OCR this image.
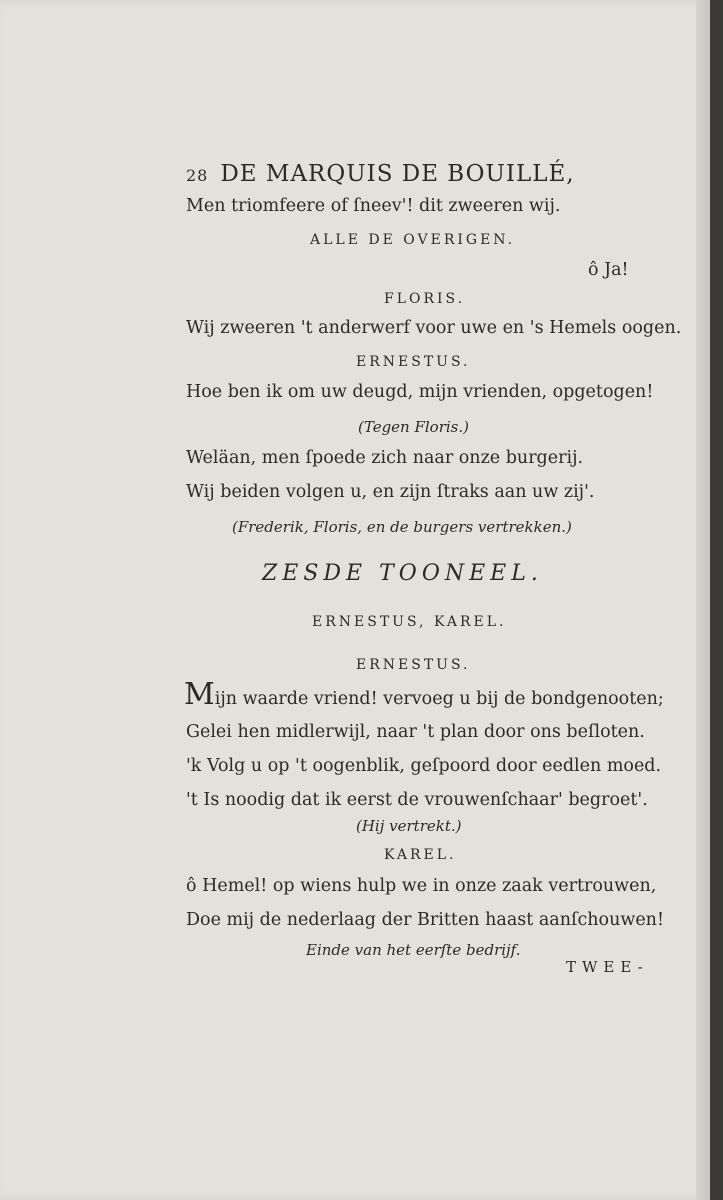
28 DE MARQUIS DE BOUILLÉ,
Men triomfeere of ſneev'! dit zweeren wij.
ALLE DE OVERIGEN.
ô Ja!
FLORIS.
Wij zweeren 't anderwerf voor uwe en 's Hemels oogen.
ERNESTUS.
Hoe ben ik om uw deugd, mijn vrienden, opgetogen!
(Tegen Floris.)
Weläan, men ſpoede zich naar onze burgerij.
Wij beiden volgen u, en zijn ſtraks aan uw zij'.
(Frederik, Floris, en de burgers vertrekken.)
ZESDE TOONEEL.
ERNESTUS, KAREL.
ERNESTUS.
Mijn waarde vriend! vervoeg u bij de bondgenooten;
Gelei hen midlerwijl, naar 't plan door ons beſloten.
'k Volg u op 't oogenblik, geſpoord door eedlen moed.
't Is noodig dat ik eerst de vrouwenſchaar' begroet'.
(Hij vertrekt.)
KAREL.
ô Hemel! op wiens hulp we in onze zaak vertrouwen,
Doe mij de nederlaag der Britten haast aanſchouwen!
Einde van het eerſte bedrijf.
TWEE-
